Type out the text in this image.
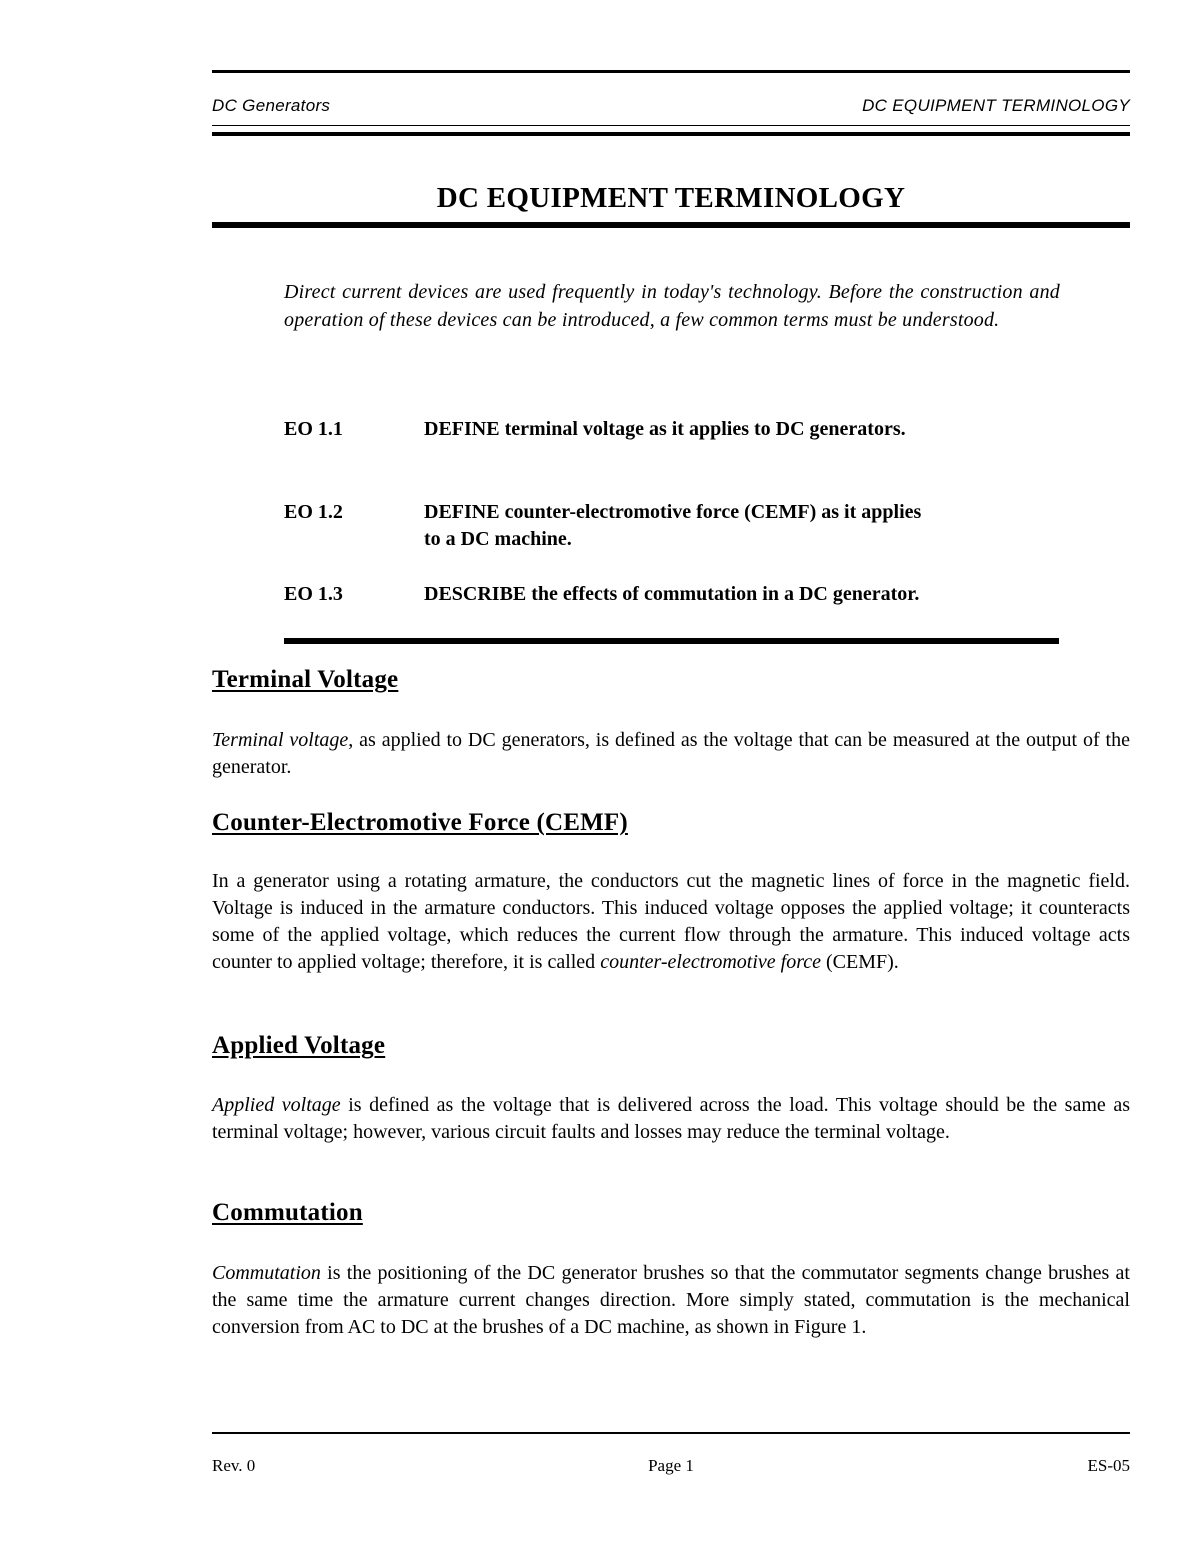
DC Generators	DC EQUIPMENT TERMINOLOGY
DC EQUIPMENT TERMINOLOGY

Direct current devices are used frequently in today's technology. Before the construction and operation of these devices can be introduced, a few common terms must be understood.

EO 1.1	DEFINE terminal voltage as it applies to DC generators.
EO 1.2	DEFINE counter-electromotive force (CEMF) as it applies to a DC machine.
EO 1.3	DESCRIBE the effects of commutation in a DC generator.
Terminal Voltage

Terminal voltage, as applied to DC generators, is defined as the voltage that can be measured at the output of the generator.

Counter-Electromotive Force (CEMF)

In a generator using a rotating armature, the conductors cut the magnetic lines of force in the magnetic field. Voltage is induced in the armature conductors. This induced voltage opposes the applied voltage; it counteracts some of the applied voltage, which reduces the current flow through the armature. This induced voltage acts counter to applied voltage; therefore, it is called counter-electromotive force (CEMF).

Applied Voltage

Applied voltage is defined as the voltage that is delivered across the load. This voltage should be the same as terminal voltage; however, various circuit faults and losses may reduce the terminal voltage.

Commutation

Commutation is the positioning of the DC generator brushes so that the commutator segments change brushes at the same time the armature current changes direction. More simply stated, commutation is the mechanical conversion from AC to DC at the brushes of a DC machine, as shown in Figure 1.

Rev. 0	Page 1	ES-05
